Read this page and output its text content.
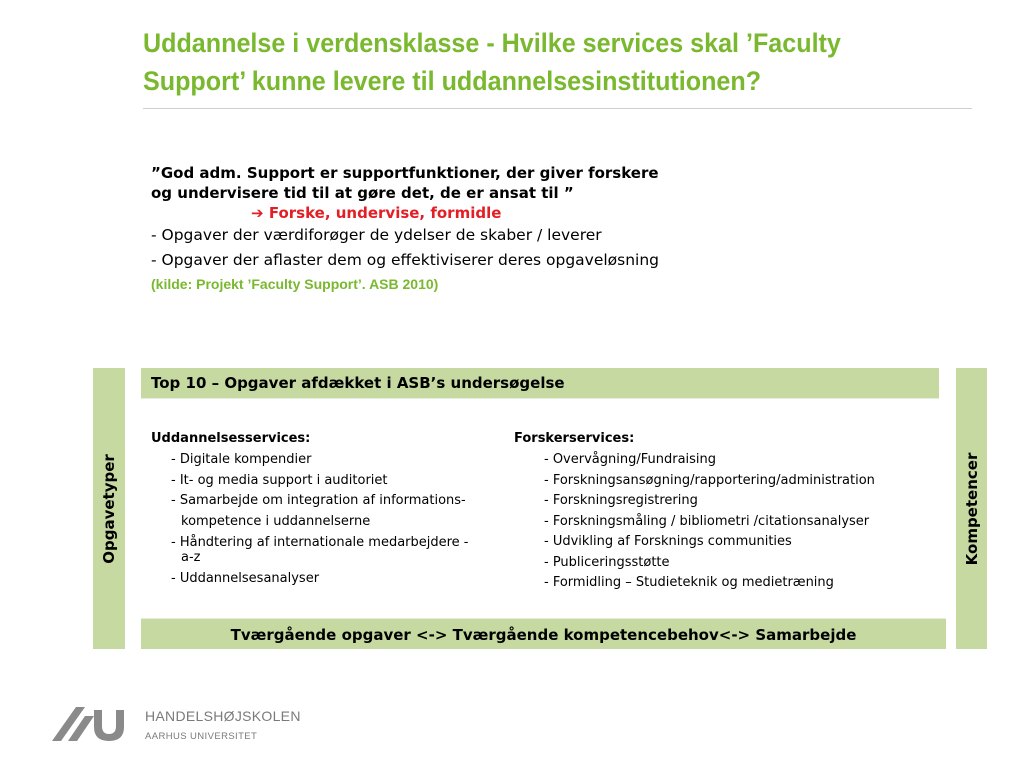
Uddannelse i verdensklasse - Hvilke services skal ’Faculty
Support’ kunne levere til uddannelsesinstitutionen?
”God adm. Support er supportfunktioner, der giver forskere
og undervisere tid til at gøre det, de er ansat til ”
➔ Forske, undervise, formidle
- Opgaver der værdiforøger de ydelser de skaber / leverer
- Opgaver der aflaster dem og effektiviserer deres opgaveløsning
(kilde: Projekt ’Faculty Support’. ASB 2010)
Opgavetyper	Kompetencer
Top 10 – Opgaver afdækket i ASB’s undersøgelse
Uddannelsesservices:
- Digitale kompendier
- It- og media support i auditoriet
- Samarbejde om integration af informations-
kompetence i uddannelserne
- Håndtering af internationale medarbejdere - a-z
- Uddannelsesanalyser
Forskerservices:
- Overvågning/Fundraising
- Forskningsansøgning/rapportering/administration
- Forskningsregistrering
- Forskningsmåling / bibliometri /citationsanalyser
- Udvikling af Forsknings communities
- Publiceringsstøtte
- Formidling – Studieteknik og medietræning
Tværgående opgaver <-> Tværgående kompetencebehov<-> Samarbejde
HANDELSHØJSKOLEN
AARHUS UNIVERSITET
